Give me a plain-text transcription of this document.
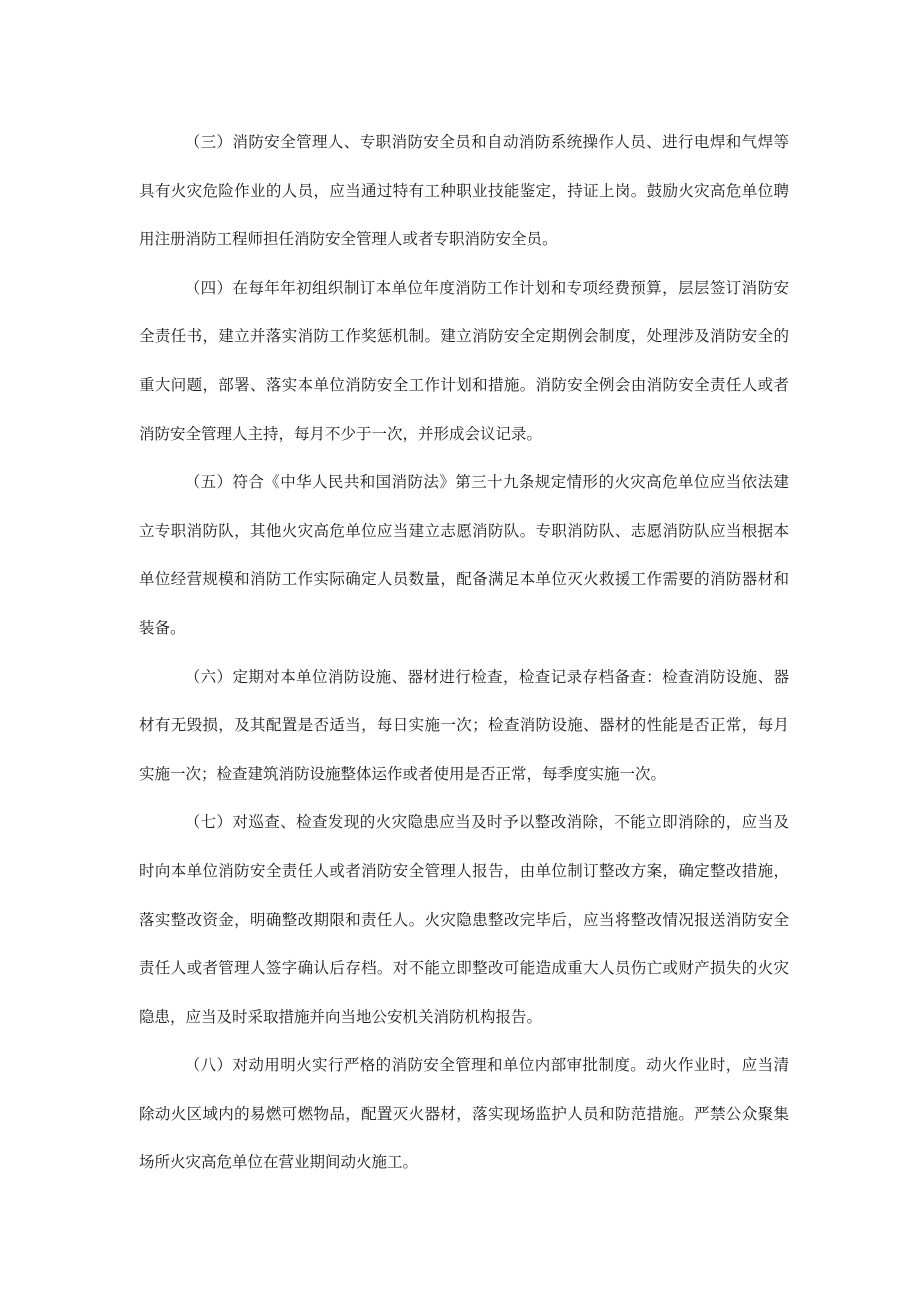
（三）消防安全管理人、专职消防安全员和自动消防系统操作人员、进行电焊和气焊等具有火灾危险作业的人员，应当通过特有工种职业技能鉴定，持证上岗。鼓励火灾高危单位聘用注册消防工程师担任消防安全管理人或者专职消防安全员。

（四）在每年年初组织制订本单位年度消防工作计划和专项经费预算，层层签订消防安全责任书，建立并落实消防工作奖惩机制。建立消防安全定期例会制度，处理涉及消防安全的重大问题，部署、落实本单位消防安全工作计划和措施。消防安全例会由消防安全责任人或者消防安全管理人主持，每月不少于一次，并形成会议记录。

（五）符合《中华人民共和国消防法》第三十九条规定情形的火灾高危单位应当依法建立专职消防队，其他火灾高危单位应当建立志愿消防队。专职消防队、志愿消防队应当根据本单位经营规模和消防工作实际确定人员数量，配备满足本单位灭火救援工作需要的消防器材和装备。

（六）定期对本单位消防设施、器材进行检查，检查记录存档备查：检查消防设施、器材有无毁损，及其配置是否适当，每日实施一次；检查消防设施、器材的性能是否正常，每月实施一次；检查建筑消防设施整体运作或者使用是否正常，每季度实施一次。

（七）对巡查、检查发现的火灾隐患应当及时予以整改消除，不能立即消除的，应当及时向本单位消防安全责任人或者消防安全管理人报告，由单位制订整改方案，确定整改措施，落实整改资金，明确整改期限和责任人。火灾隐患整改完毕后，应当将整改情况报送消防安全责任人或者管理人签字确认后存档。对不能立即整改可能造成重大人员伤亡或财产损失的火灾隐患，应当及时采取措施并向当地公安机关消防机构报告。

（八）对动用明火实行严格的消防安全管理和单位内部审批制度。动火作业时，应当清除动火区域内的易燃可燃物品，配置灭火器材，落实现场监护人员和防范措施。严禁公众聚集场所火灾高危单位在营业期间动火施工。
